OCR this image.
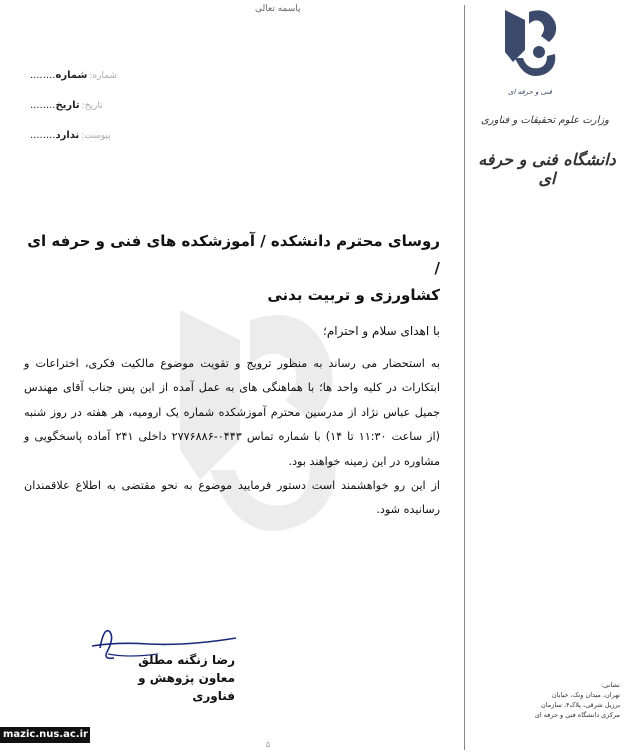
پاسمه تعالی
شماره:شماره........
تاریخ:تاریخ........
پیوست:ندارد........
فنی و حرفه ای
وزارت علوم تحقیقات و فناوری
دانشگاه فنی و حرفه ای
روسای محترم دانشکده / آموزشکده های فنی و حرفه ای /
کشاورزی و تربیت بدنی
با اهدای سلام و احترام؛
به استحضار می رساند به منظور ترویج و تقویت موضوع مالکیت فکری، اختراعات و ابتکارات در کلیه واحد ها؛ با هماهنگی های به عمل آمده از این پس جناب آقای مهندس جمیل عباس نژاد از مدرسین محترم آموزشکده شماره یک ارومیه، هر هفته در روز شنبه (از ساعت ۱۱:۳۰ تا ۱۴) با شماره تماس ۰۴۴۳-۲۷۷۶۸۸۶ داخلی ۲۴۱ آماده پاسخگویی و مشاوره در این زمینه خواهند بود.
از این رو خواهشمند است دستور فرمایید موضوع به نحو مقتضی به اطلاع علاقمندان رسانیده شود.
رضا زنگنه مطلق
معاون پژوهش و فناوری
نشانی:
تهران، میدان ونک، خیابان
برزیل شرقی، پلاک۴، سازمان
مرکزی دانشگاه فنی و حرفه ای
mazic.nus.ac.ir
۵
